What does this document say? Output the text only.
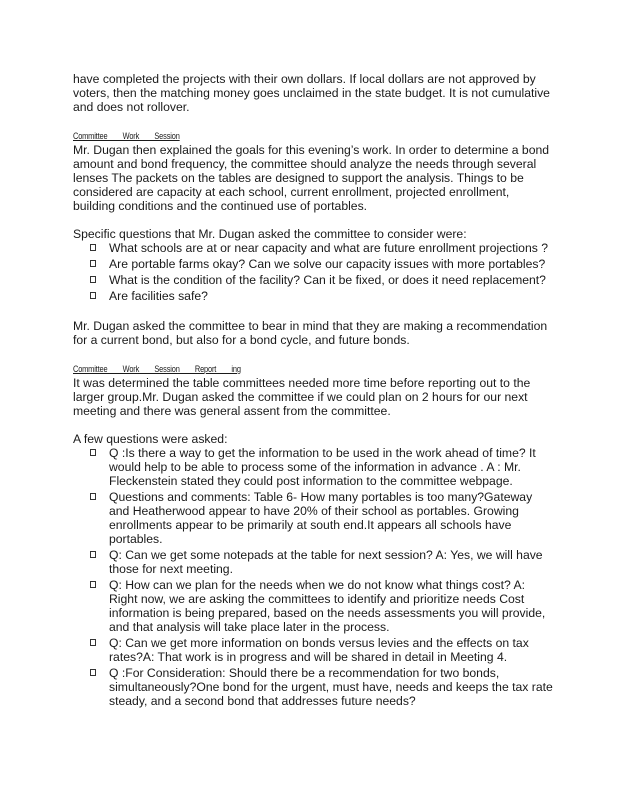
have completed the projects with their own dollars. If local dollars are not approved by voters, then the matching money goes unclaimed in the state budget. It is not cumulative and does not rollover.

Committee        Work        Session

Mr. Dugan then explained the goals for this evening’s work. In order to determine a bond amount and bond frequency, the committee should analyze the needs through several lenses The packets on the tables are designed to support the analysis. Things to be considered are capacity at each school, current enrollment, projected enrollment, building conditions and the continued use of portables.

Specific questions that Mr. Dugan asked the committee to consider were:

What schools are at or near capacity and what are future enrollment projections ?
Are portable farms okay? Can we solve our capacity issues with more portables?
What is the condition of the facility? Can it be fixed, or does it need replacement?
Are facilities safe?

Mr. Dugan asked the committee to bear in mind that they are making a recommendation for a current bond, but also for a bond cycle, and future bonds.

Committee        Work        Session        Report        ing

It was determined the table committees needed more time before reporting out to the larger group.Mr. Dugan asked the committee if we could plan on 2 hours for our next meeting and there was general assent from the committee.

A few questions were asked:

Q :Is there a way to get the information to be used in the work ahead of time? It would help to be able to process some of the information in advance . A : Mr. Fleckenstein stated they could post information to the committee webpage.
Questions and comments: Table 6- How many portables is too many?Gateway and Heatherwood appear to have 20% of their school as portables. Growing enrollments appear to be primarily at south end.It appears all schools have portables.
Q: Can we get some notepads at the table for next session? A: Yes, we will have those for next meeting.
Q: How can we plan for the needs when we do not know what things cost? A: Right now, we are asking the committees to identify and prioritize needs Cost information is being prepared, based on the needs assessments you will provide, and that analysis will take place later in the process.
Q: Can we get more information on bonds versus levies and the effects on tax rates?A: That work is in progress and will be shared in detail in Meeting 4.
Q :For Consideration: Should there be a recommendation for two bonds, simultaneously?One bond for the urgent, must have, needs and keeps the tax rate steady, and a second bond that addresses future needs?
